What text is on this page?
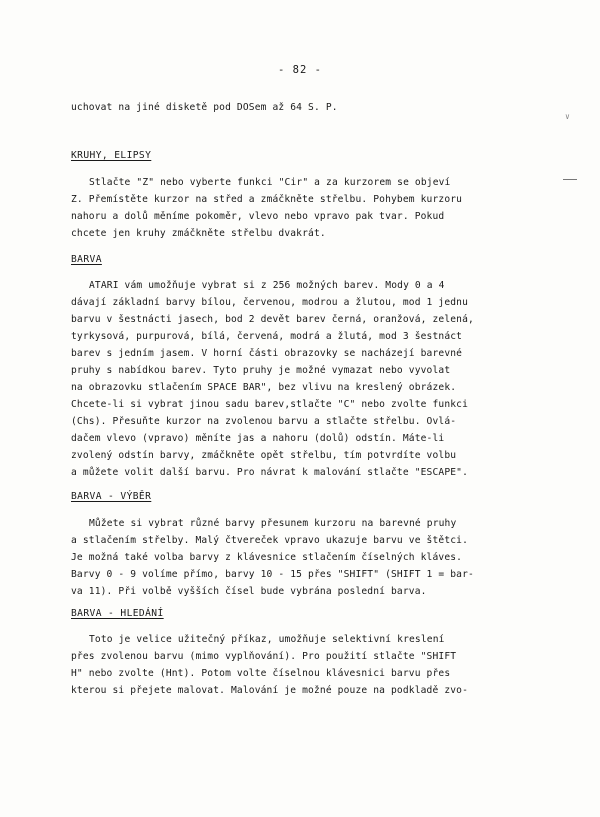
- 82 -
uchovat na jiné disketě pod DOSem až 64 S. P.
∨
KRUHY, ELIPSY
Stlačte "Z" nebo vyberte funkci "Cir" a za kurzorem se objeví
Z. Přemístěte kurzor na střed a zmáčkněte střelbu. Pohybem kurzoru
nahoru a dolů měníme pokoměr, vlevo nebo vpravo pak tvar. Pokud
chcete jen kruhy zmáčkněte střelbu dvakrát.
BARVA
ATARI vám umožňuje vybrat si z 256 možných barev. Mody 0 a 4
dávají základní barvy bílou, červenou, modrou a žlutou, mod 1 jednu
barvu v šestnácti jasech, bod 2 devět barev černá, oranžová, zelená,
tyrkysová, purpurová, bílá, červená, modrá a žlutá, mod 3 šestnáct
barev s jedním jasem. V horní části obrazovky se nacházejí barevné
pruhy s nabídkou barev. Tyto pruhy je možné vymazat nebo vyvolat
na obrazovku stlačením SPACE BAR", bez vlivu na kreslený obrázek.
Chcete-li si vybrat jinou sadu barev,stlačte "C" nebo zvolte funkci
(Chs). Přesuňte kurzor na zvolenou barvu a stlačte střelbu. Ovlá-
dačem vlevo (vpravo) měníte jas a nahoru (dolů) odstín. Máte-li
zvolený odstín barvy, zmáčkněte opět střelbu, tím potvrdíte volbu
a můžete volit další barvu. Pro návrat k malování stlačte "ESCAPE".
BARVA - VÝBĚR
Můžete si vybrat různé barvy přesunem kurzoru na barevné pruhy
a stlačením střelby. Malý čtvereček vpravo ukazuje barvu ve štětci.
Je možná také volba barvy z klávesnice stlačením číselných kláves.
Barvy 0 - 9 volíme přímo, barvy 10 - 15 přes "SHIFT" (SHIFT 1 = bar-
va 11). Při volbě vyšších čísel bude vybrána poslední barva.
BARVA - HLEDÁNÍ
Toto je velice užitečný příkaz, umožňuje selektivní kreslení
přes zvolenou barvu (mimo vyplňování). Pro použití stlačte "SHIFT
H" nebo zvolte (Hnt). Potom volte číselnou klávesnici barvu přes
kterou si přejete malovat. Malování je možné pouze na podkladě zvo-
